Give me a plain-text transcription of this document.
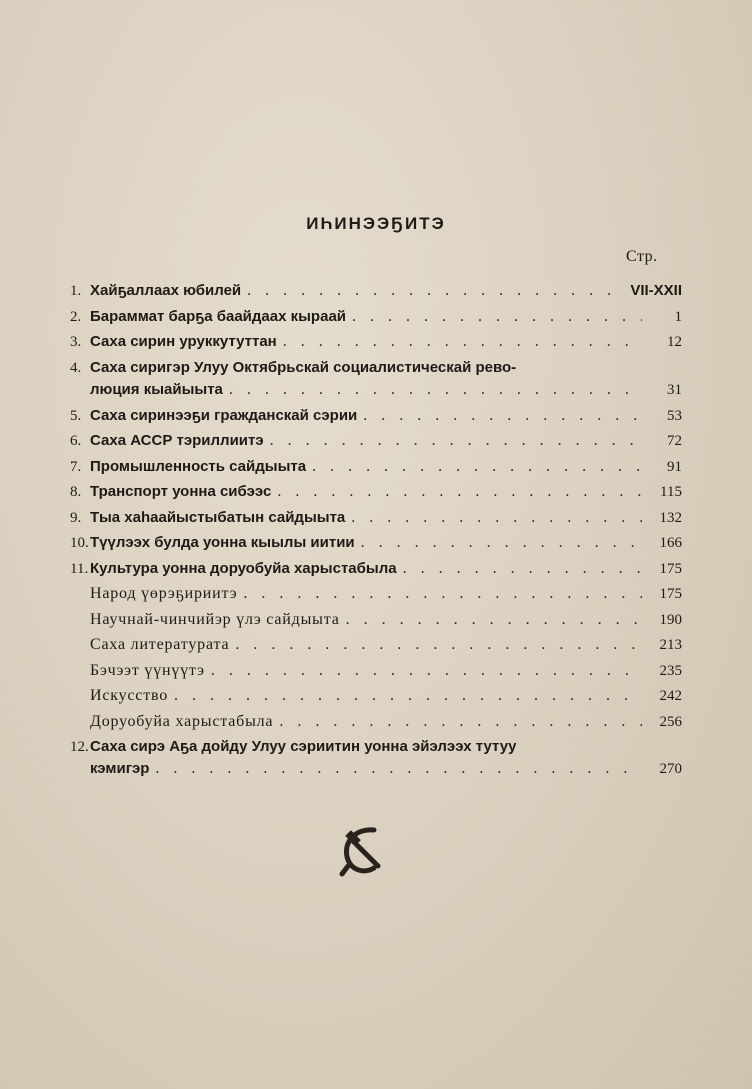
ИҺИНЭЭҔИТЭ
Стр.
1. Хайҕаллаах юбилей . . .	VII-XXII
2. Бараммат барҕа баайдаах кыраай . . .	1
3. Саха сирин уруккутуттан . . .	12
4. Саха сиригэр Улуу Октябрьскай социалистическай рево-
люция кыайыыта . . .	31
5. Саха сиринээҕи гражданскай сэрии . . .	53
6. Саха АССР тэриллиитэ . . .	72
7. Промышленность сайдыыта . . .	91
8. Транспорт уонна сибээс . . .	115
9. Тыа хаһаайыстыбатын сайдыыта . . .	132
10. Түүлээх булда уонна кыылы иитии . . .	166
11. Культура уонна доруобуйа харыстабыла . . .	175
Народ үөрэҕириитэ . . .	175
Научнай-чинчийэр үлэ сайдыыта . . .	190
Саха литературата . . .	213
Бэчээт үүнүүтэ . . .	235
Искусство . . .	242
Доруобуйа харыстабыла . . .	256
12.Саха сирэ Аҕа дойду Улуу сэриитин уонна эйэлээх тутуу
кэмигэр . . .	270
